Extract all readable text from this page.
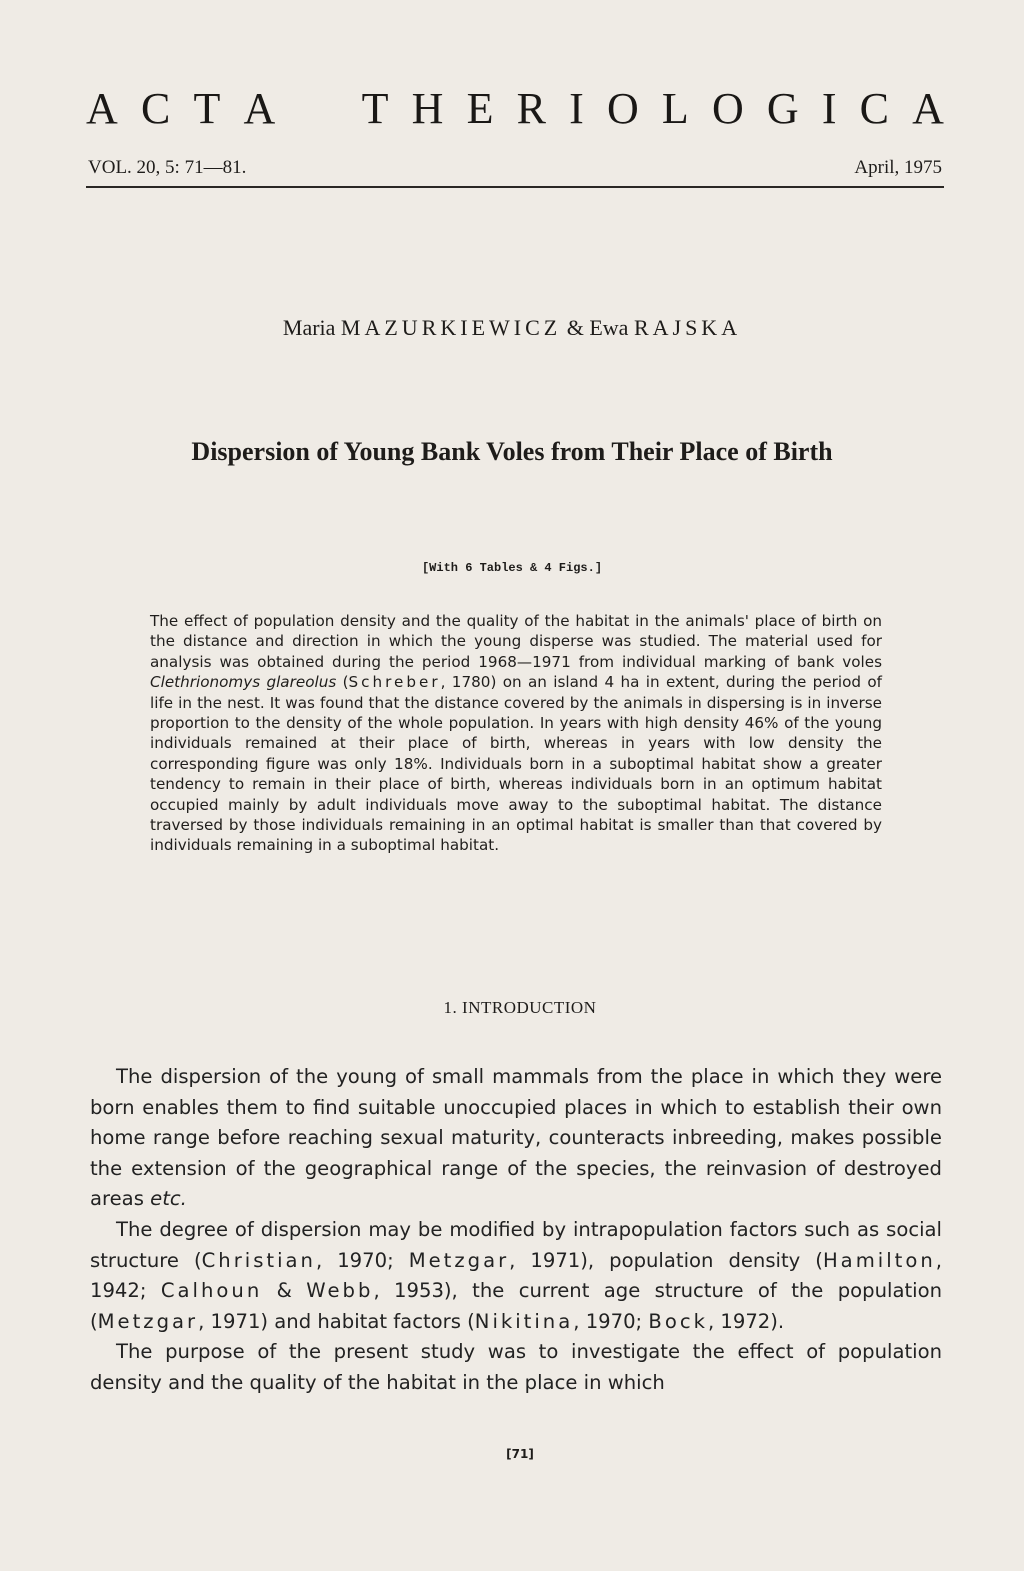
A C T A T H E R I O L O G I C A
VOL. 20, 5: 71—81.	April, 1975
Maria MAZURKIEWICZ & Ewa RAJSKA
Dispersion of Young Bank Voles from Their Place of Birth
[With 6 Tables & 4 Figs.]

The effect of population density and the quality of the habitat in the animals' place of birth on the distance and direction in which the young disperse was studied. The material used for analysis was obtained during the period 1968—1971 from individual marking of bank voles Clethrionomys glareolus (Schreber, 1780) on an island 4 ha in extent, during the period of life in the nest. It was found that the distance covered by the animals in dispersing is in inverse proportion to the density of the whole population. In years with high density 46% of the young individuals remained at their place of birth, whereas in years with low density the corresponding figure was only 18%. Individuals born in a suboptimal habitat show a greater tendency to remain in their place of birth, whereas individuals born in an optimum habitat occupied mainly by adult individuals move away to the suboptimal habitat. The distance traversed by those individuals remaining in an optimal habitat is smaller than that covered by individuals remaining in a suboptimal habitat.

1. INTRODUCTION

The dispersion of the young of small mammals from the place in which they were born enables them to find suitable unoccupied places in which to establish their own home range before reaching sexual maturity, counteracts inbreeding, makes possible the extension of the geographical range of the species, the reinvasion of destroyed areas etc.

The degree of dispersion may be modified by intrapopulation factors such as social structure (Christian, 1970; Metzgar, 1971), population density (Hamilton, 1942; Calhoun & Webb, 1953), the current age structure of the population (Metzgar, 1971) and habitat factors (Nikitina, 1970; Bock, 1972).

The purpose of the present study was to investigate the effect of population density and the quality of the habitat in the place in which

[71]
